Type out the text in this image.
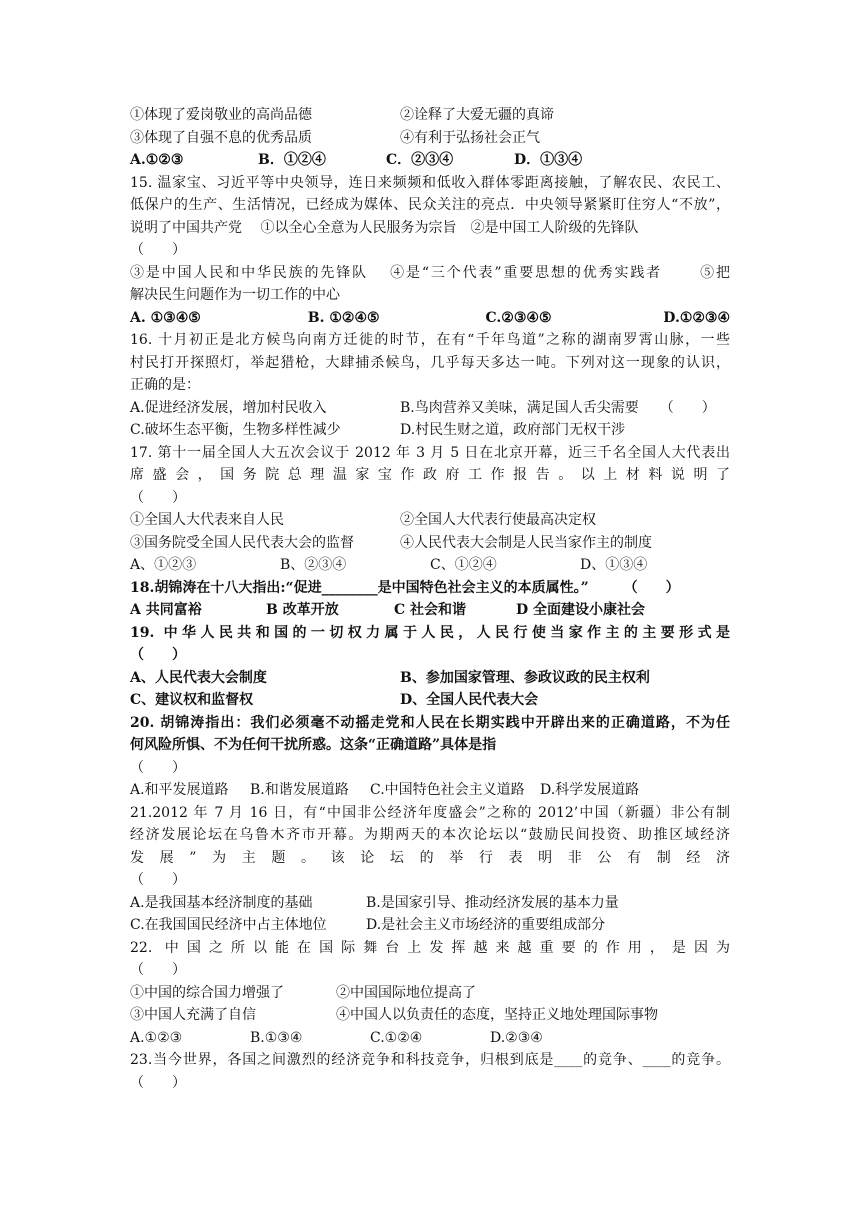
①体现了爱岗敬业的高尚品德	②诠释了大爱无疆的真谛
③体现了自强不息的优秀品质	④有利于弘扬社会正气
A.①②③	B．①②④	C．②③④	D．①③④
15. 温家宝、习近平等中央领导，连日来频频和低收入群体零距离接触，了解农民、农民工、
低保户的生产、生活情况，已经成为媒体、民众关注的亮点．中央领导紧紧盯住穷人“不放”，
说明了中国共产党　 ①以全心全意为人民服务为宗旨　②是中国工人阶级的先锋队
（　　）
③是中国人民和中华民族的先锋队　 ④是“三个代表”重要思想的优秀实践者　　 ⑤把
解决民生问题作为一切工作的中心
A. ①③④⑤	B. ①②④⑤	C.②③④⑤	D.①②③④
16. 十月初正是北方候鸟向南方迁徙的时节，在有“千年鸟道”之称的湖南罗霄山脉，一些
村民打开探照灯，举起猎枪，大肆捕杀候鸟，几乎每天多达一吨。下列对这一现象的认识，
正确的是：
A.促进经济发展，增加村民收入	B.鸟肉营养又美味，满足国人舌尖需要　　（　　）
C.破坏生态平衡，生物多样性减少	D.村民生财之道，政府部门无权干涉
17. 第十一届全国人大五次会议于 2012 年 3 月 5 日在北京开幕，近三千名全国人大代表出
席盛会，国务院总理温家宝作政府工作报告。以上材料说明了
（　　）
①全国人大代表来自人民	②全国人大代表行使最高决定权
③国务院受全国人民代表大会的监督	④人民代表大会制是人民当家作主的制度
A、①②③	B、②③④	C、①②④	D、①③④
18.胡锦涛在十八大指出:“促进________是中国特色社会主义的本质属性。”　　　（　　）
A 共同富裕	B 改革开放	C 社会和谐	D 全面建设小康社会
19. 中华人民共和国的一切权力属于人民，人民行使当家作主的主要形式是
（　　）
A、人民代表大会制度	B、参加国家管理、参政议政的民主权利
C、建议权和监督权	D、全国人民代表大会
20. 胡锦涛指出：我们必须毫不动摇走党和人民在长期实践中开辟出来的正确道路，不为任
何风险所惧、不为任何干扰所惑。这条“正确道路”具体是指
（　　）
A.和平发展道路	B.和谐发展道路	C.中国特色社会主义道路	D.科学发展道路
21.2012 年 7 月 16 日，有“中国非公经济年度盛会”之称的 2012’中国（新疆）非公有制
经济发展论坛在乌鲁木齐市开幕。为期两天的本次论坛以“鼓励民间投资、助推区域经济
发展”为主题。该论坛的举行表明非公有制经济
（　　）
A.是我国基本经济制度的基础	B.是国家引导、推动经济发展的基本力量
C.在我国国民经济中占主体地位	D.是社会主义市场经济的重要组成部分
22. 中国之所以能在国际舞台上发挥越来越重要的作用，是因为
（　　）
①中国的综合国力增强了	②中国国际地位提高了
③中国人充满了自信	④中国人以负责任的态度，坚持正义地处理国际事物
A.①②③	B.①③④	C.①②④	D.②③④
23.当今世界，各国之间激烈的经济竞争和科技竞争，归根到底是____的竞争、____的竞争。
（　　）
